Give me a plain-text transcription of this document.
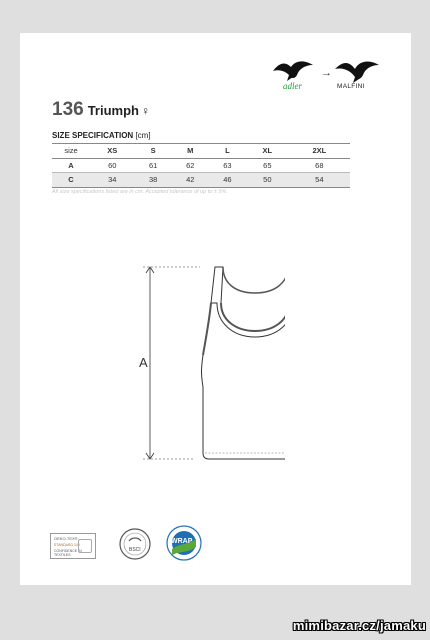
adler
→
MALFINI
136 Triumph ♀
SIZE SPECIFICATION [cm]
size	XS	S	M	L	XL	2XL
A	60	61	62	63	65	68
C	34	38	42	46	50	54
All size specifications listed are in cm. Accepted tolerance of up to ± 5%.
A
OEKO-TEX®
STANDARD 100
CONFIDENCE IN TEXTILES
BSCI
WRAP
mimibazar.cz/jamaku
